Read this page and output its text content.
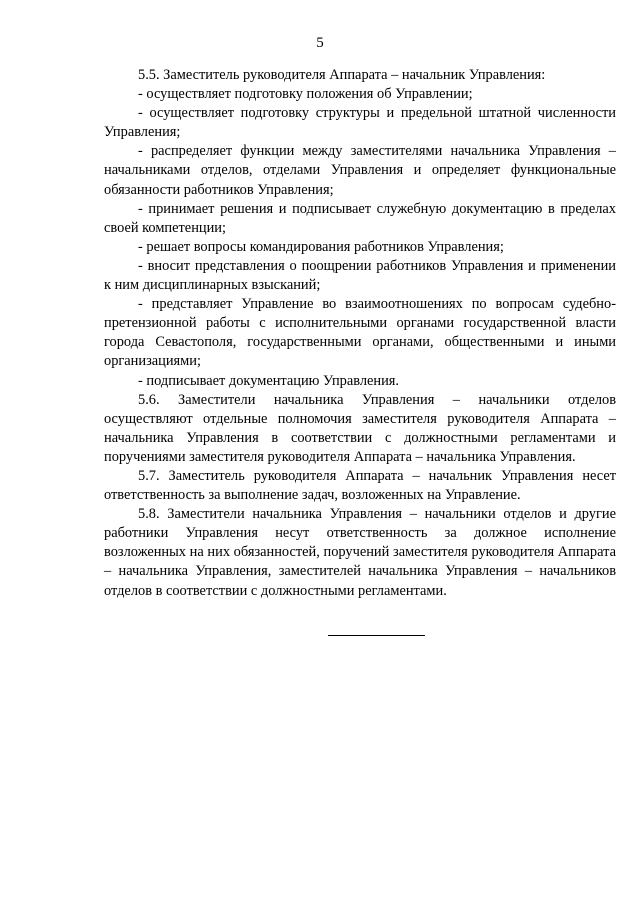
5

5.5. Заместитель руководителя Аппарата – начальник Управления:

- осуществляет подготовку положения об Управлении;

- осуществляет подготовку структуры и предельной штатной численности Управления;

- распределяет функции между заместителями начальника Управления – начальниками отделов, отделами Управления и определяет функциональные обязанности работников Управления;

- принимает решения и подписывает служебную документацию в пределах своей компетенции;

- решает вопросы командирования работников Управления;

- вносит представления о поощрении работников Управления и применении к ним дисциплинарных взысканий;

- представляет Управление во взаимоотношениях по вопросам судебно-претензионной работы с исполнительными органами государственной власти города Севастополя, государственными органами, общественными и иными организациями;

- подписывает документацию Управления.

5.6. Заместители начальника Управления – начальники отделов осуществляют отдельные полномочия заместителя руководителя Аппарата – начальника Управления в соответствии с должностными регламентами и поручениями заместителя руководителя Аппарата – начальника Управления.

5.7. Заместитель руководителя Аппарата – начальник Управления несет ответственность за выполнение задач, возложенных на Управление.

5.8. Заместители начальника Управления – начальники отделов и другие работники Управления несут ответственность за должное исполнение возложенных на них обязанностей, поручений заместителя руководителя Аппарата – начальника Управления, заместителей начальника Управления – начальников отделов в соответствии с должностными регламентами.
